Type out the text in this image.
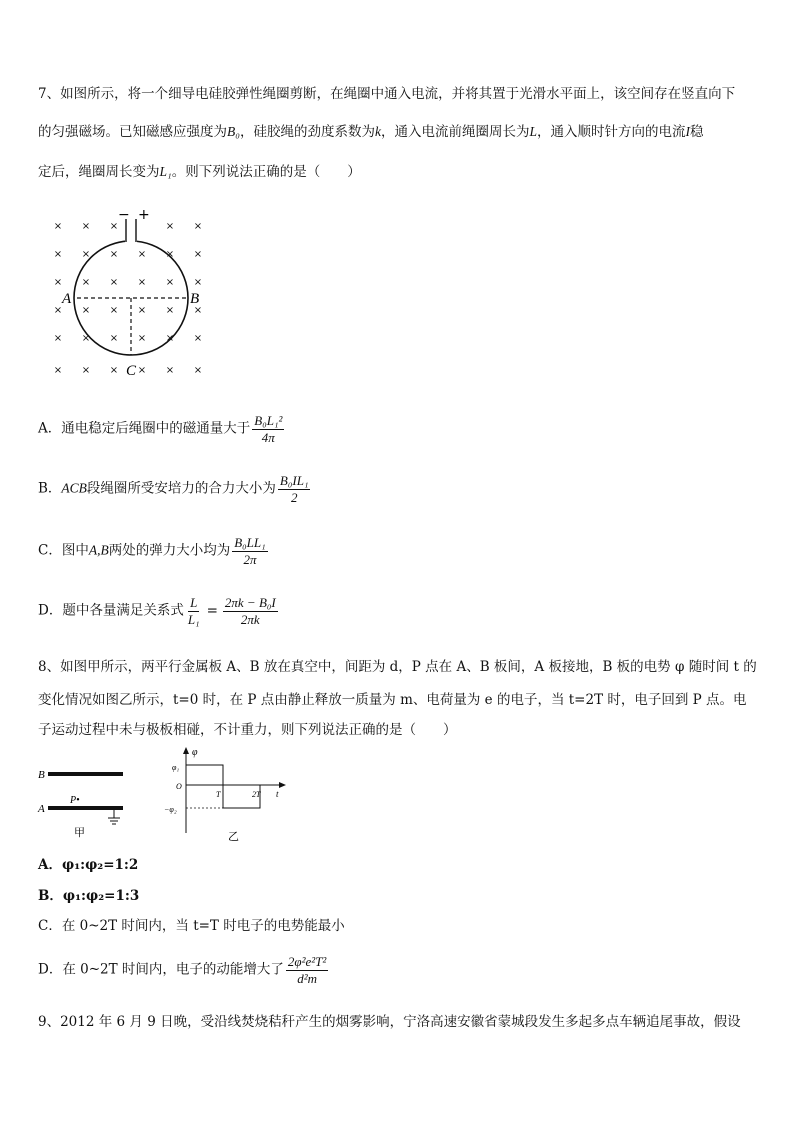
7、如图所示，将一个细导电硅胶弹性绳圈剪断，在绳圈中通入电流，并将其置于光滑水平面上，该空间存在竖直向下
的匀强磁场。已知磁感应强度为B₀，硅胶绳的劲度系数为k，通入电流前绳圈周长为L，通入顺时针方向的电流I稳
定后，绳圈周长变为L₁。则下列说法正确的是（　　）
× × ×	× ×
× × × × × ×
× × × × × ×
× × × × × ×
× × × × × ×
× × × × × ×
− +
A	B
C
A．通电稳定后绳圈中的磁通量大于 $\frac{\text{B₀L₁²}}{4\pi}$
B．ACB段绳圈所受安培力的合力大小为 $\frac{\text{B₀IL₁}}{2}$
C．图中A,B两处的弹力大小均为 $\frac{\text{B₀LL₁}}{2\pi}$
D．题中各量满足关系式 $\frac{L}{\text{L₁}} = \frac{\text{2πk − B₀I}}{2\pi k}$
8、如图甲所示，两平行金属板 A、B 放在真空中，间距为 d，P 点在 A、B 板间，A 板接地，B 板的电势 φ 随时间 t 的
变化情况如图乙所示，t=0 时，在 P 点由静止释放一质量为 m、电荷量为 e 的电子，当 t=2T 时，电子回到 P 点。电
子运动过程中未与极板相碰，不计重力，则下列说法正确的是（　　）
B
A
P•
甲
φ
t
φ₁
O
−φ₂
T	2T
乙
A．φ₁:φ₂=1:2
B．φ₁:φ₂=1:3
C．在 0~2T 时间内，当 t=T 时电子的电势能最小
D．在 0~2T 时间内，电子的动能增大了 $\frac{\text{2φ²e²T²}}{\text{d²m}}$
9、2012 年 6 月 9 日晚，受沿线焚烧秸秆产生的烟雾影响，宁洛高速安徽省蒙城段发生多起多点车辆追尾事故，假设
